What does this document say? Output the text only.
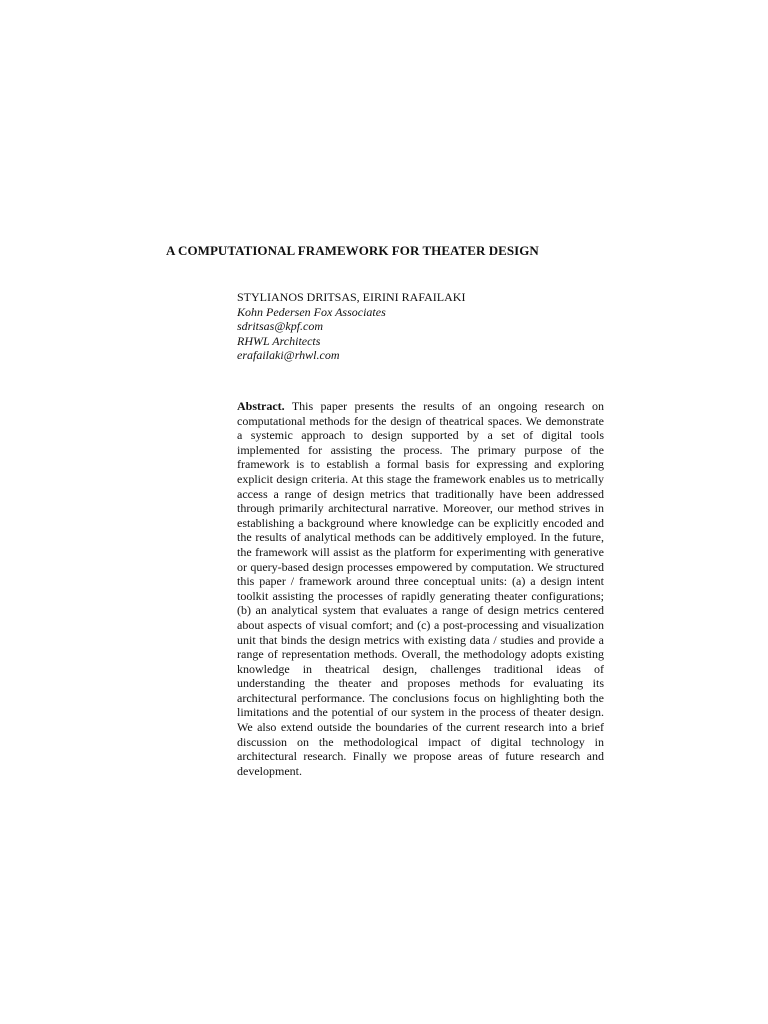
A COMPUTATIONAL FRAMEWORK FOR THEATER DESIGN
STYLIANOS DRITSAS, EIRINI RAFAILAKI
Kohn Pedersen Fox Associates
sdritsas@kpf.com
RHWL Architects
erafailaki@rhwl.com

Abstract. This paper presents the results of an ongoing research on computational methods for the design of theatrical spaces. We demonstrate a systemic approach to design supported by a set of digital tools implemented for assisting the process. The primary purpose of the framework is to establish a formal basis for expressing and exploring explicit design criteria. At this stage the framework enables us to metrically access a range of design metrics that traditionally have been addressed through primarily architectural narrative. Moreover, our method strives in establishing a background where knowledge can be explicitly encoded and the results of analytical methods can be additively employed. In the future, the framework will assist as the platform for experimenting with generative or query-based design processes empowered by computation. We structured this paper / framework around three conceptual units: (a) a design intent toolkit assisting the processes of rapidly generating theater configurations; (b) an analytical system that evaluates a range of design metrics centered about aspects of visual comfort; and (c) a post-processing and visualization unit that binds the design metrics with existing data / studies and provide a range of representation methods. Overall, the methodology adopts existing knowledge in theatrical design, challenges traditional ideas of understanding the theater and proposes methods for evaluating its architectural performance. The conclusions focus on highlighting both the limitations and the potential of our system in the process of theater design. We also extend outside the boundaries of the current research into a brief discussion on the methodological impact of digital technology in architectural research. Finally we propose areas of future research and development.
